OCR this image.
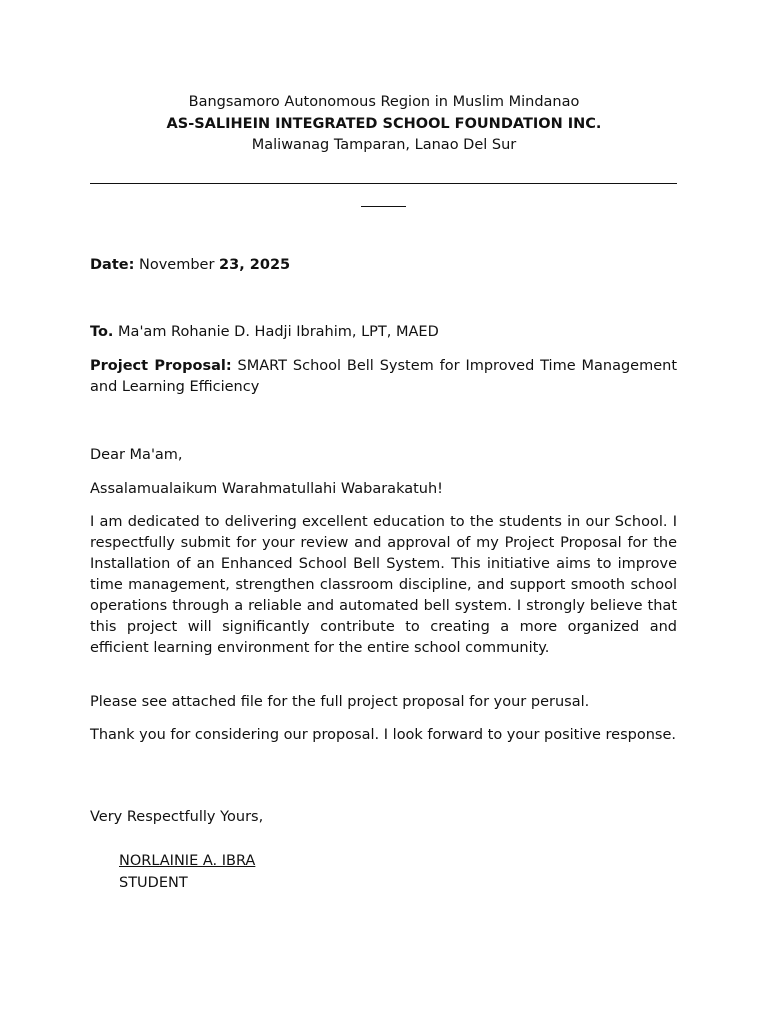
Bangsamoro Autonomous Region in Muslim Mindanao
AS-SALIHEIN INTEGRATED SCHOOL FOUNDATION INC.
Maliwanag Tamparan, Lanao Del Sur
Date: November 23, 2025
To. Ma'am Rohanie D. Hadji Ibrahim, LPT, MAED
Project Proposal: SMART School Bell System for Improved Time Management and Learning Efficiency
Dear Ma'am,
Assalamualaikum Warahmatullahi Wabarakatuh!
I am dedicated to delivering excellent education to the students in our School. I respectfully submit for your review and approval of my Project Proposal for the Installation of an Enhanced School Bell System. This initiative aims to improve time management, strengthen classroom discipline, and support smooth school operations through a reliable and automated bell system. I strongly believe that this project will significantly contribute to creating a more organized and efficient learning environment for the entire school community.
Please see attached file for the full project proposal for your perusal.
Thank you for considering our proposal. I look forward to your positive response.
Very Respectfully Yours,
NORLAINIE A. IBRA
STUDENT
